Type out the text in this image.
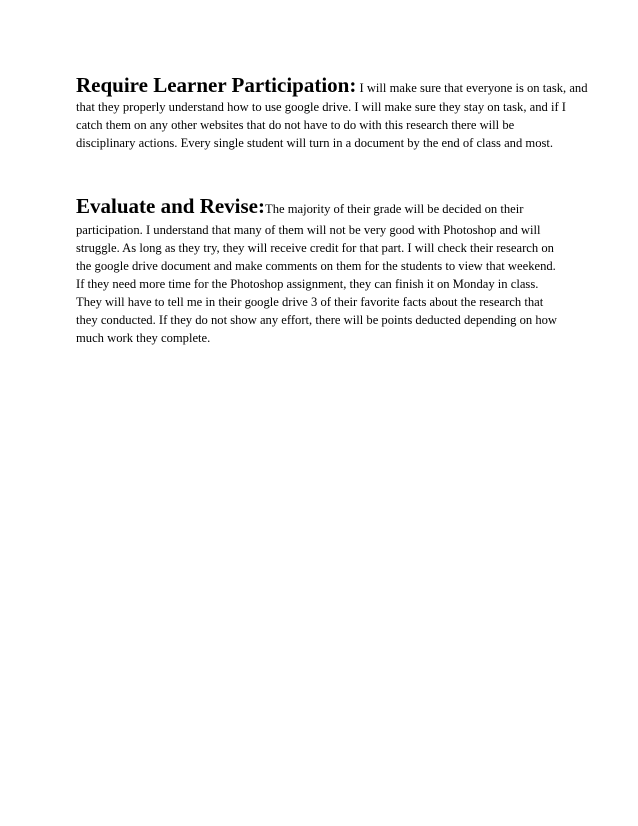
Require Learner Participation: I will make sure that everyone is on task, and
that they properly understand how to use google drive. I will make sure they stay on task, and if I
catch them on any other websites that do not have to do with this research there will be
disciplinary actions. Every single student will turn in a document by the end of class and most.
Evaluate and Revise:The majority of their grade will be decided on their
participation. I understand that many of them will not be very good with Photoshop and will
struggle. As long as they try, they will receive credit for that part. I will check their research on
the google drive document and make comments on them for the students to view that weekend.
If they need more time for the Photoshop assignment, they can finish it on Monday in class.
They will have to tell me in their google drive 3 of their favorite facts about the research that
they conducted. If they do not show any effort, there will be points deducted depending on how
much work they complete.
